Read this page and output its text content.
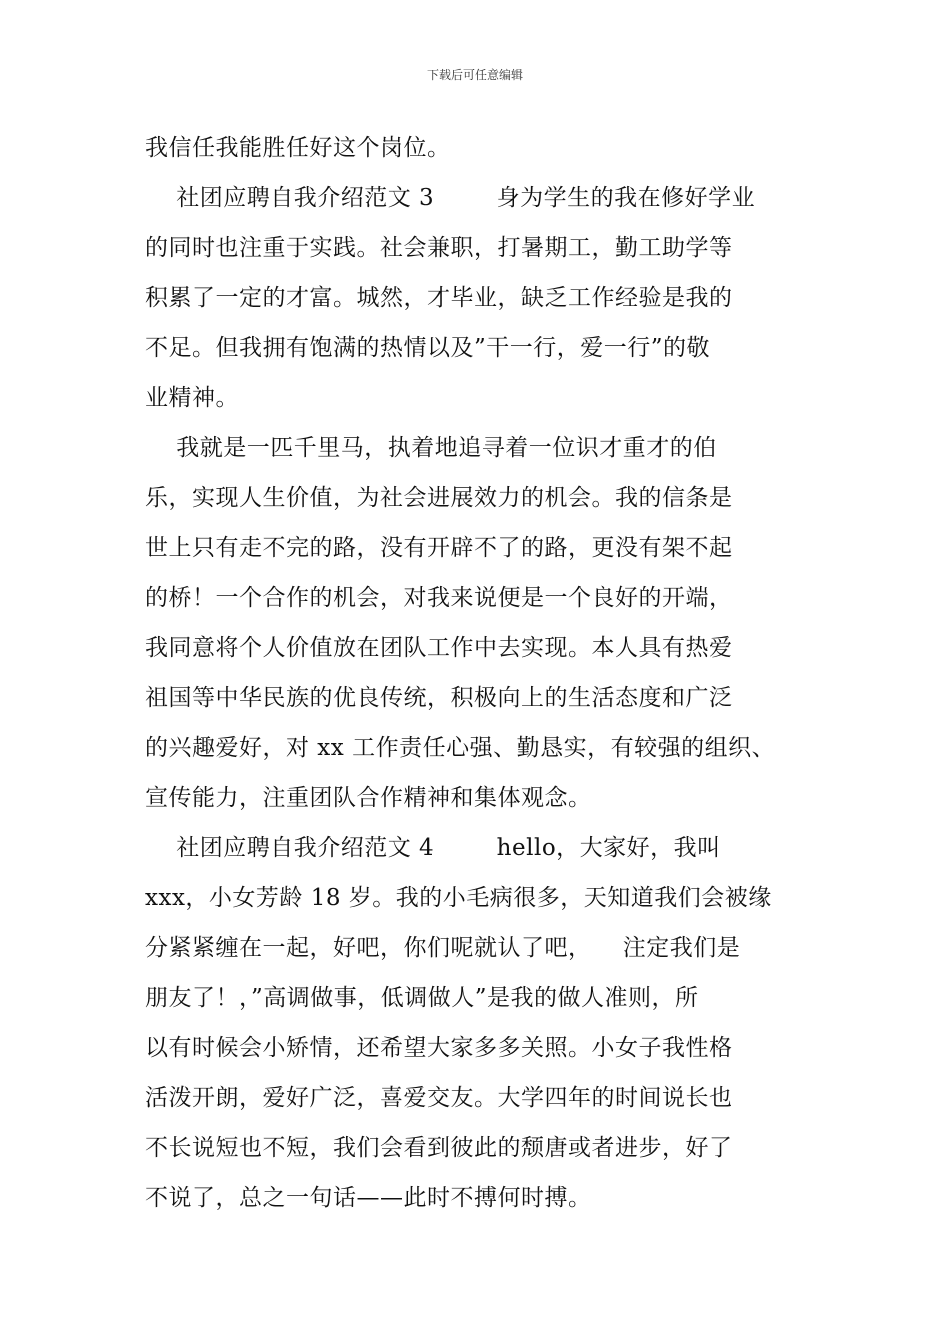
下载后可任意编辑
我信任我能胜任好这个岗位。
社团应聘自我介绍范文 3        身为学生的我在修好学业
的同时也注重于实践。社会兼职，打暑期工，勤工助学等
积累了一定的才富。城然，才毕业，缺乏工作经验是我的
不足。但我拥有饱满的热情以及”干一行，爱一行”的敬
业精神。
我就是一匹千里马，执着地追寻着一位识才重才的伯
乐，实现人生价值，为社会进展效力的机会。我的信条是
世上只有走不完的路，没有开辟不了的路，更没有架不起
的桥！一个合作的机会，对我来说便是一个良好的开端，
我同意将个人价值放在团队工作中去实现。本人具有热爱
祖国等中华民族的优良传统，积极向上的生活态度和广泛
的兴趣爱好，对 xx 工作责任心强、勤恳实，有较强的组织、
宣传能力，注重团队合作精神和集体观念。
社团应聘自我介绍范文 4        hello，大家好，我叫
xxx，小女芳龄 18 岁。我的小毛病很多，天知道我们会被缘
分紧紧缠在一起，好吧，你们呢就认了吧，    注定我们是
朋友了！，”高调做事，低调做人”是我的做人准则，所
以有时候会小矫情，还希望大家多多关照。小女子我性格
活泼开朗，爱好广泛，喜爱交友。大学四年的时间说长也
不长说短也不短，我们会看到彼此的颓唐或者进步，好了
不说了，总之一句话——此时不搏何时搏。
